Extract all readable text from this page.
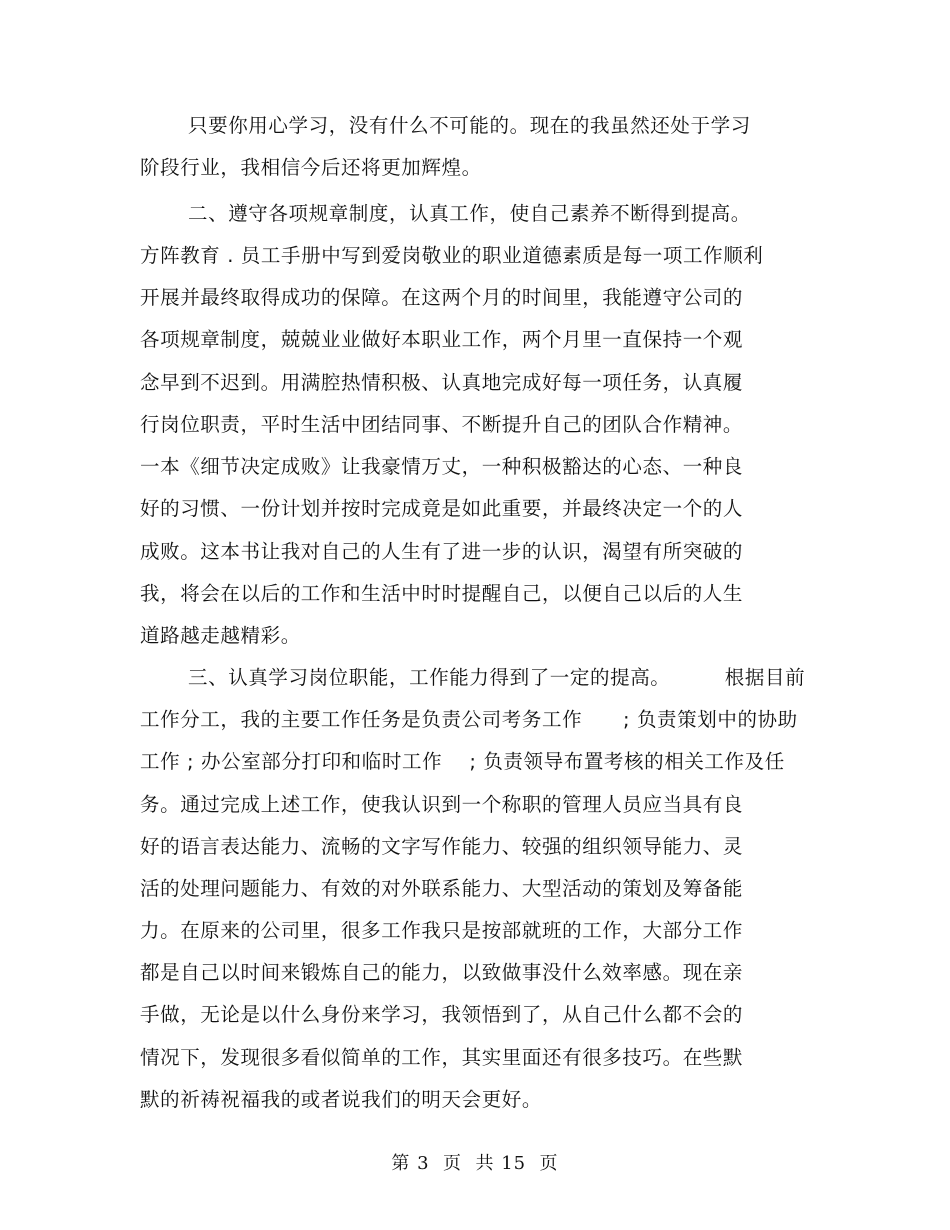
只要你用心学习，没有什么不可能的。现在的我虽然还处于学习
阶段行业，我相信今后还将更加辉煌。
二、遵守各项规章制度，认真工作，使自己素养不断得到提高。
方阵教育 . 员工手册中写到爱岗敬业的职业道德素质是每一项工作顺利
开展并最终取得成功的保障。在这两个月的时间里，我能遵守公司的
各项规章制度，兢兢业业做好本职业工作，两个月里一直保持一个观
念早到不迟到。用满腔热情积极、认真地完成好每一项任务，认真履
行岗位职责，平时生活中团结同事、不断提升自己的团队合作精神。
一本《细节决定成败》让我豪情万丈，一种积极豁达的心态、一种良
好的习惯、一份计划并按时完成竟是如此重要，并最终决定一个的人
成败。这本书让我对自己的人生有了进一步的认识，渴望有所突破的
我，将会在以后的工作和生活中时时提醒自己，以便自己以后的人生
道路越走越精彩。
三、认真学习岗位职能，工作能力得到了一定的提高。        根据目前
工作分工，我的主要工作任务是负责公司考务工作      ; 负责策划中的协助
工作 ; 办公室部分打印和临时工作    ; 负责领导布置考核的相关工作及任
务。通过完成上述工作，使我认识到一个称职的管理人员应当具有良
好的语言表达能力、流畅的文字写作能力、较强的组织领导能力、灵
活的处理问题能力、有效的对外联系能力、大型活动的策划及筹备能
力。在原来的公司里，很多工作我只是按部就班的工作，大部分工作
都是自己以时间来锻炼自己的能力，以致做事没什么效率感。现在亲
手做，无论是以什么身份来学习，我领悟到了，从自己什么都不会的
情况下，发现很多看似简单的工作，其实里面还有很多技巧。在些默
默的祈祷祝福我的或者说我们的明天会更好。
第 3  页  共 15  页
